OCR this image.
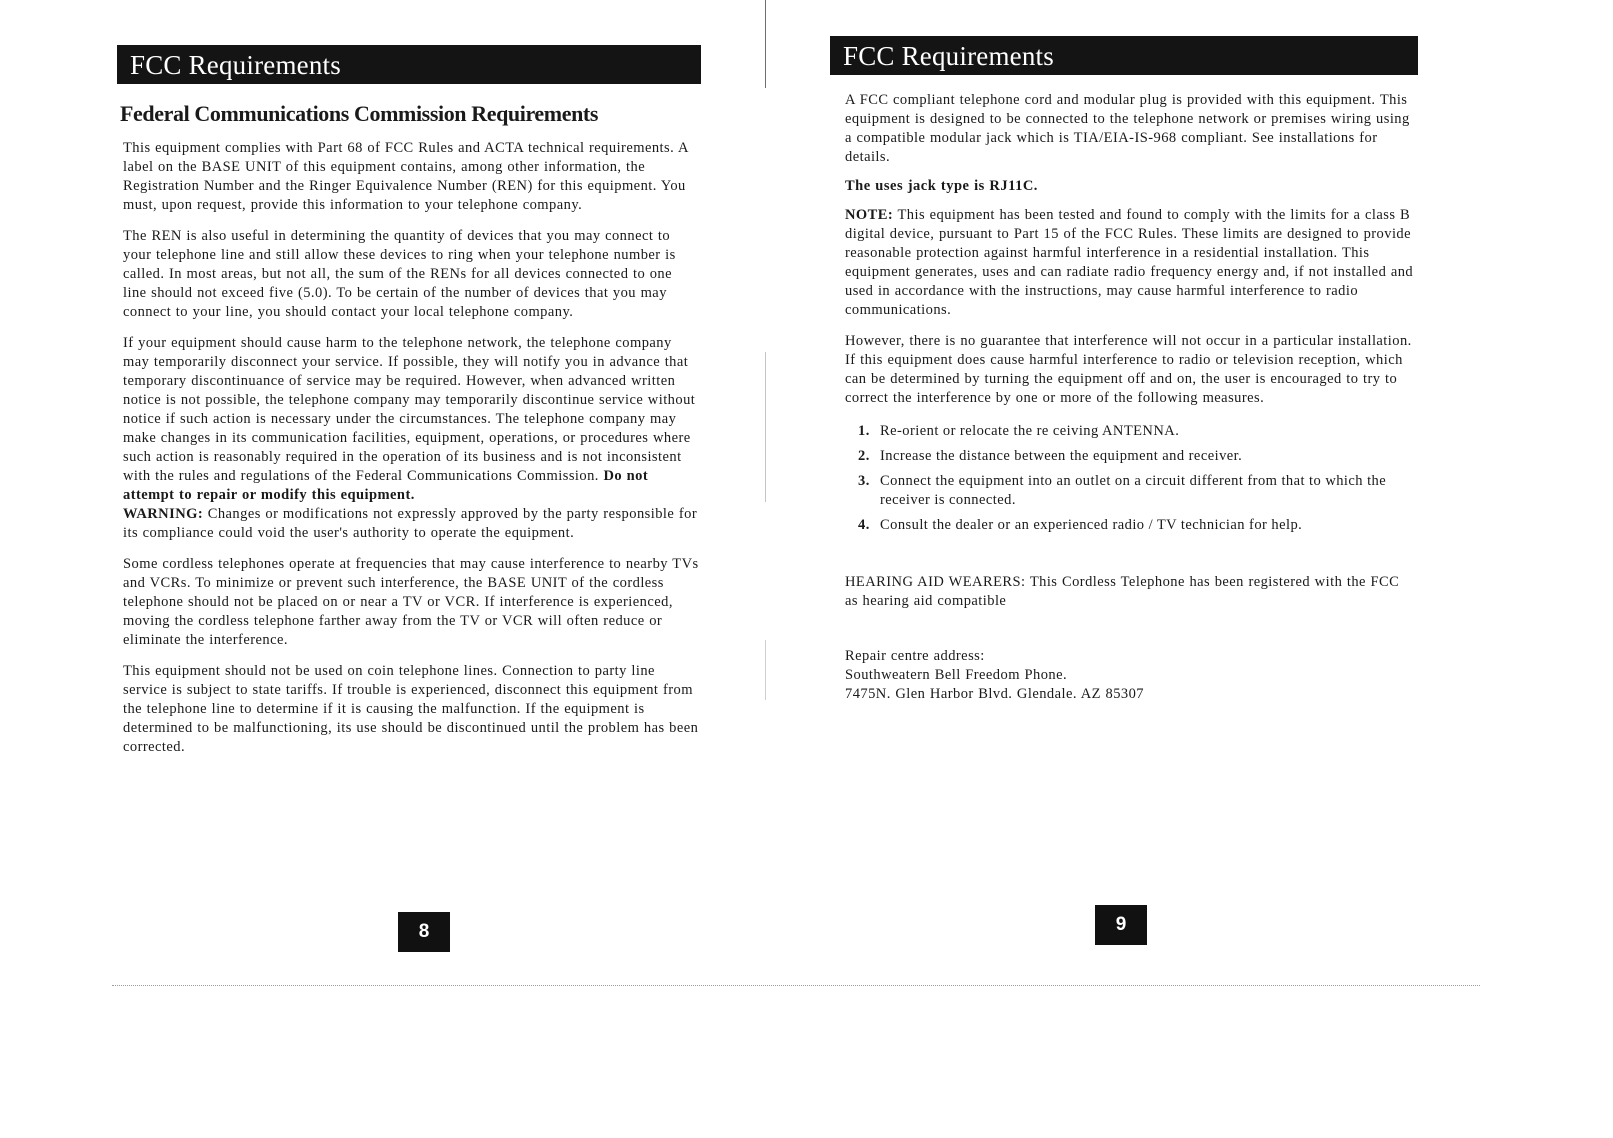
FCC Requirements
Federal Communications Commission Requirements

This equipment complies with Part 68 of FCC Rules and ACTA technical requirements. A label on the BASE UNIT of this equipment contains, among other information, the Registration Number and the Ringer Equivalence Number (REN) for this equipment. You must, upon request, provide this information to your telephone company.

The REN is also useful in determining the quantity of devices that you may connect to your telephone line and still allow these devices to ring when your telephone number is called. In most areas, but not all, the sum of the RENs for all devices connected to one line should not exceed five (5.0). To be certain of the number of devices that you may connect to your line, you should contact your local telephone company.

If your equipment should cause harm to the telephone network, the telephone company may temporarily disconnect your service. If possible, they will notify you in advance that temporary discontinuance of service may be required. However, when advanced written notice is not possible, the telephone company may temporarily discontinue service without notice if such action is necessary under the circumstances. The telephone company may make changes in its communication facilities, equipment, operations, or procedures where such action is reasonably required in the operation of its business and is not inconsistent with the rules and regulations of the Federal Communications Commission. Do not attempt to repair or modify this equipment.

WARNING: Changes or modifications not expressly approved by the party responsible for its compliance could void the user's authority to operate the equipment.

Some cordless telephones operate at frequencies that may cause interference to nearby TVs and VCRs. To minimize or prevent such interference, the BASE UNIT of the cordless telephone should not be placed on or near a TV or VCR. If interference is experienced, moving the cordless telephone farther away from the TV or VCR will often reduce or eliminate the interference.

This equipment should not be used on coin telephone lines. Connection to party line service is subject to state tariffs. If trouble is experienced, disconnect this equipment from the telephone line to determine if it is causing the malfunction. If the equipment is determined to be malfunctioning, its use should be discontinued until the problem has been corrected.

8
FCC Requirements

A FCC compliant telephone cord and modular plug is provided with this equipment. This equipment is designed to be connected to the telephone network or premises wiring using a compatible modular jack which is TIA/EIA-IS-968 compliant. See installations for details.

The uses jack type is RJ11C.

NOTE: This equipment has been tested and found to comply with the limits for a class B digital device, pursuant to Part 15 of the FCC Rules. These limits are designed to provide reasonable protection against harmful interference in a residential installation. This equipment generates, uses and can radiate radio frequency energy and, if not installed and used in accordance with the instructions, may cause harmful interference to radio communications.

However, there is no guarantee that interference will not occur in a particular installation. If this equipment does cause harmful interference to radio or television reception, which can be determined by turning the equipment off and on, the user is encouraged to try to correct the interference by one or more of the following measures.

1. Re-orient or relocate the re ceiving ANTENNA.
2. Increase the distance between the equipment and receiver.
3. Connect the equipment into an outlet on a circuit different from that to which the receiver is connected.
4. Consult the dealer or an experienced radio / TV technician for help.

HEARING AID WEARERS: This Cordless Telephone has been registered with the FCC as hearing aid compatible

Repair centre address:
Southweatern Bell Freedom Phone.
7475N. Glen Harbor Blvd. Glendale. AZ 85307
9
